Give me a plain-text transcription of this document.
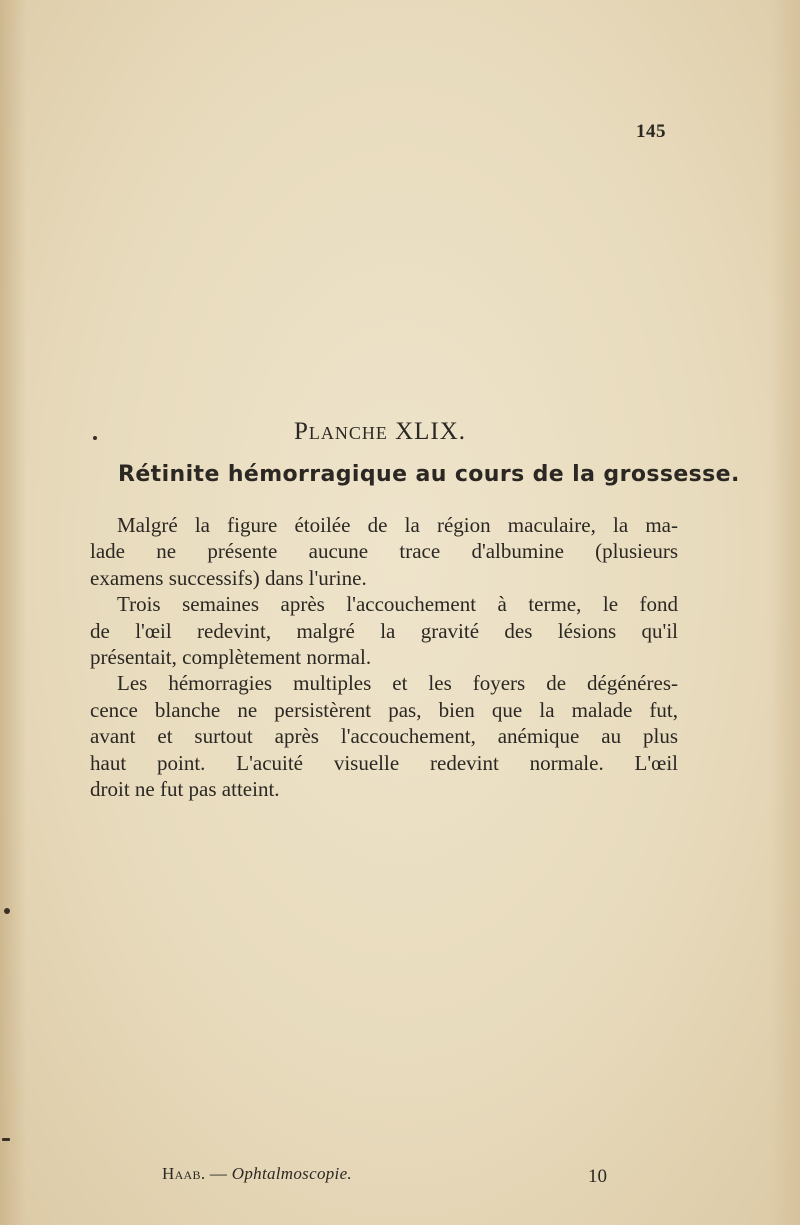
145
Planche XLIX.
Rétinite hémorragique au cours de la grossesse.
Malgré la figure étoilée de la région maculaire, la ma-
lade ne présente aucune trace d'albumine (plusieurs
examens successifs) dans l'urine.
Trois semaines après l'accouchement à terme, le fond
de l'œil redevint, malgré la gravité des lésions qu'il
présentait, complètement normal.
Les hémorragies multiples et les foyers de dégénéres-
cence blanche ne persistèrent pas, bien que la malade fut,
avant et surtout après l'accouchement, anémique au plus
haut point. L'acuité visuelle redevint normale. L'œil
droit ne fut pas atteint.
Haab. — Ophtalmoscopie.	10
